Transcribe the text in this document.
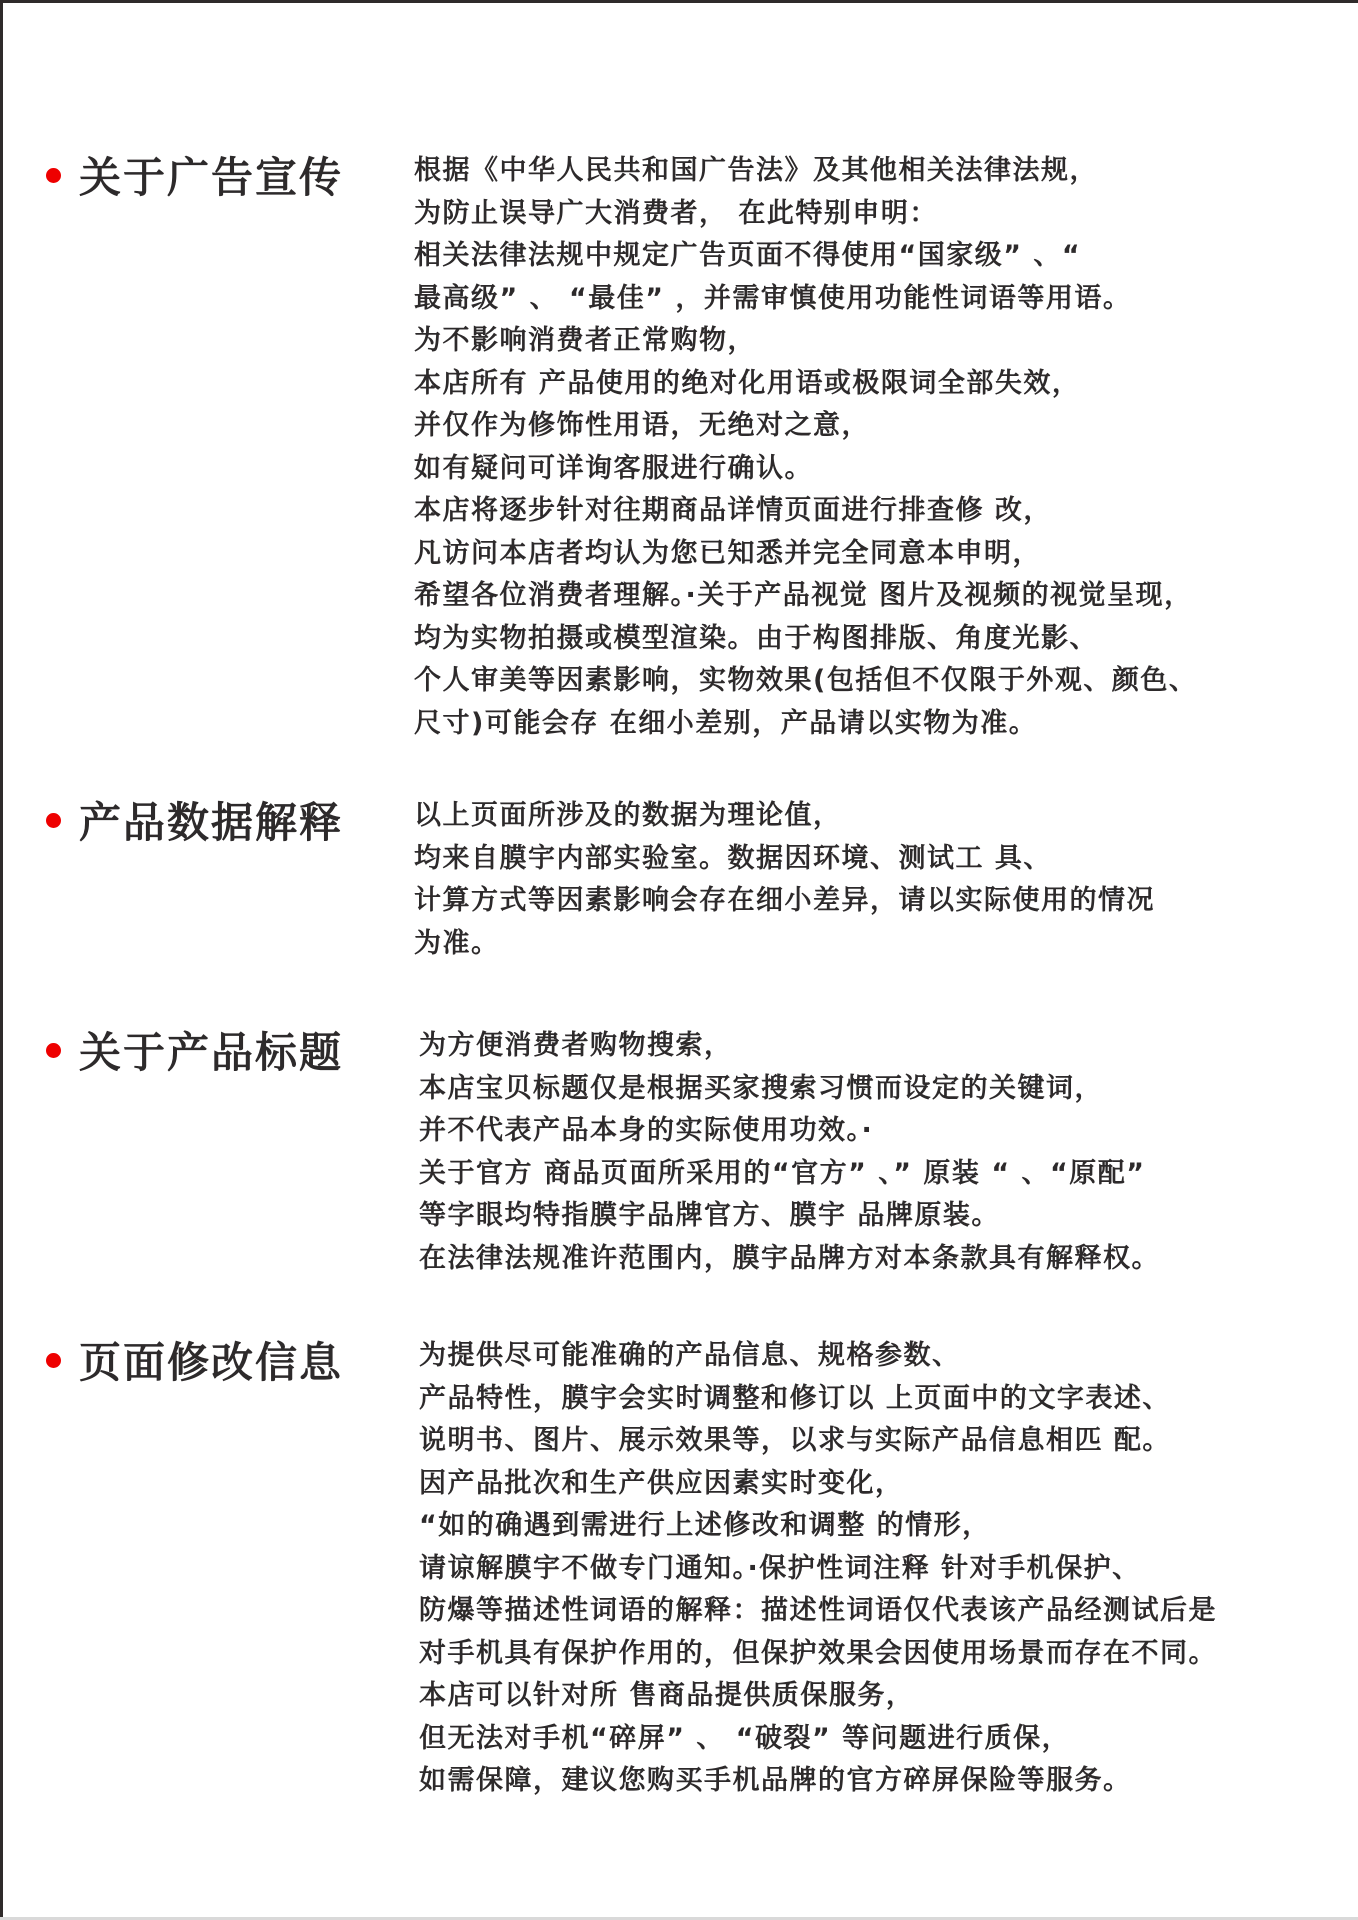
关于广告宣传	根据《中华人民共和国广告法》及其他相关法律法规，
为防止误导广大消费者， 在此特别申明：
相关法律法规中规定广告页面不得使用“国家级” 、“
最高级” 、 “最佳” ，并需审慎使用功能性词语等用语。
为不影响消费者正常购物，
本店所有 产品使用的绝对化用语或极限词全部失效，
并仅作为修饰性用语，无绝对之意，
如有疑问可详询客服进行确认。
本店将逐步针对往期商品详情页面进行排查修 改，
凡访问本店者均认为您已知悉并完全同意本申明，
希望各位消费者理解。·关于产品视觉 图片及视频的视觉呈现，
均为实物拍摄或模型渲染。由于构图排版、角度光影、
个人审美等因素影响，实物效果(包括但不仅限于外观、颜色、
尺寸)可能会存 在细小差别，产品请以实物为准。
产品数据解释	以上页面所涉及的数据为理论值，
均来自膜宇内部实验室。数据因环境、测试工 具、
计算方式等因素影响会存在细小差异，请以实际使用的情况
为准。
关于产品标题	为方便消费者购物搜索，
本店宝贝标题仅是根据买家搜索习惯而设定的关键词，
并不代表产品本身的实际使用功效。·
关于官方 商品页面所采用的“官方” 、” 原装 “ 、“原配”
等字眼均特指膜宇品牌官方、膜宇 品牌原装。
在法律法规准许范围内，膜宇品牌方对本条款具有解释权。
页面修改信息	为提供尽可能准确的产品信息、规格参数、
产品特性，膜宇会实时调整和修订以 上页面中的文字表述、
说明书、图片、展示效果等，以求与实际产品信息相匹 配。
因产品批次和生产供应因素实时变化，
“如的确遇到需进行上述修改和调整 的情形，
请谅解膜宇不做专门通知。·保护性词注释 针对手机保护、
防爆等描述性词语的解释：描述性词语仅代表该产品经测试后是
对手机具有保护作用的，但保护效果会因使用场景而存在不同。
本店可以针对所 售商品提供质保服务，
但无法对手机“碎屏” 、 “破裂” 等问题进行质保，
如需保障，建议您购买手机品牌的官方碎屏保险等服务。
